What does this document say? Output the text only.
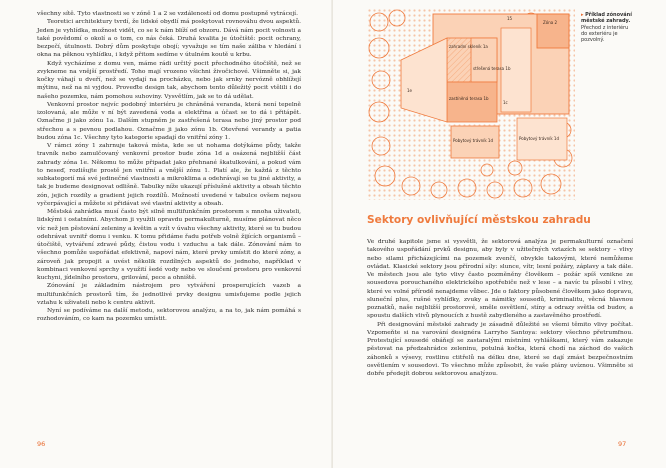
všechny sítě. Tyto vlastnosti se v zóně 1 a 2 se vzdáleností od domu postupně vytrácejí.

Teoretici architektury tvrdí, že lidské obydlí má poskytovat rovnováhu dvou aspektů. Jeden je vyhlídka, možnost vidět, co se k nám blíží od obzoru. Dává nám pocit volnosti a také povědomí o okolí a o tom, co nás čeká. Druhá kvalita je útočiště: pocit ochrany, bezpečí, útulnosti. Dobrý dům poskytuje obojí; vyvažuje se tím naše záliba v hledání i okna na pěknou vyhlídku, i když přitom sedíme v útulném koutě u krbu.

Když vycházíme z domu ven, máme rádi určitý pocit přechodného útočiště, než se zvykneme na vnější prostředí. Toho mají vrozeno všichni živočichové. Všimněte si, jak kočky váhají u dveří, než se vydají na procházku, nebo jak srnky nervózně obhlížejí mýtinu, než na ni vyjdou. Proveďte design tak, abychom tento důležitý pocit vtělili i do našeho pozemku, nám pomohou suhoviny. Vysvětlím, jak se to dá udělat.

Venkovní prostor nejvíc podobný interiéru je chráněná veranda, která není tepelně izolovaná, ale může v ní být zavedená voda a elektřina a účast se to dá i přitápět. Označme ji jako zónu 1a. Dalším stupněm je zastřešená terasa nebo jiný prostor pod střechou a s pevnou podlahou. Označme ji jako zónu 1b. Otevřené verandy a patia budou zóna 1c. Všechny tyto kategorie spadají do vnitřní zóny 1.

V rámci zóny 1 zahrnuje taková místa, kde se ut nohama dotýkáme půdy, takže travník nebo zamulčovaný venkovní prostor bude zóna 1d a osázená nejbližší část zahrady zóna 1e. Někomu to může připadat jako přehnané škatulkování, a pokud vám to neseď, rozlišujte prostě jen vnitřní a vnější zónu 1. Platí ale, že každá z těchto subkategorií má své jedinečné vlastnosti a mikroklima a odehrávají se tu jiné aktivity, a tak je budeme designovat odlišně. Tabulky níže ukazují příslušné aktivity a obsah těchto zón, jejich rozdíly a gradient jejich rozdílů. Možností uvedené v tabulce ovšem nejsou vyčerpávající a můžete si přidávat své vlastní aktivity a obsah.

Městská zahrádka musí často být silně multifunkčním prostorem s mnoha uživateli, lidskými i ostatními. Abychom ji využili opravdu permakulturně, musíme plánovat něco víc než jen pěstování zeleniny a květin a vzít v úvahu všechny aktivity, které se tu budou odehrávat uvnitř domu i venku. K tomu přidáme řadu potřeb volně žijících organismů – útočiště, vytváření zdravé půdy, čistou vodu i vzduchu a tak dále. Zónování nám to všechno pomůže uspořádat efektivně, napoví nám, které prvky umístit do které zóny, a zároveň jak propojit a uvést několik rozdílných aspektů do jednoho, například v kombinaci venkovní sprchy s využití šedé vody nebo ve sloučení prostoru pro venkovní kuchyni, jídelního prostoru, grilování, pece a ohniště.

Zónování je základním nástrojem pro vytváření prosperujících vazeb a multifunkčních prostorů tím, že jednotlivé prvky designu umisťujeme podle jejich vztahu k uživateli nebo k centru aktivit.

Nyní se podíváme na další metodu, sektorovou analýzu, a na to, jak nám pomáhá s rozhodováním, co kam na pozemku umístit.

96
Zóna 2
15
zahradní skleník 1a
střešená terasa 1b
zastíněná terasa 1b
1e
1c
Pobytový trávník 1d	Pobytový trávník 1d
▸ Příklad zónování městské zahrady. Přechod z interiéru do exteriéru je pozvolný.
Sektory ovlivňující městskou zahradu

Ve druhé kapitole jsme si vysvětli, že sektorová analýza je permakulturní označení takového uspořádání prvků designu, aby byly v užitečných vztazích se sektory – vlivy nebo silami přicházejícími na pozemek zvenčí, obvykle takovými, které nemůžeme ovládat. Klasické sektory jsou přírodní síly: slunce, vítr, lesní požáry, záplavy a tak dále. Ve městech jsou ale tyto vlivy často pozměněny člověkem – požár spíš vznikne ze sousedova porouchaného elektrického spotřebiče než v lese – a navíc tu působí i vlivy, které ve volné přírodě nenajdeme vůbec. Jde o faktory působené člověkem jako dopravu, sluneční plus, rušné vyhlídky, zvuky a námitky sousedů, kriminalitu, věcná hlavnou poznatků, naše nejbližší prostorové, směle osvětlení, stíny a odrazy světla od budov, a spoustu dalších vlivů plynoucích z hustě zabydleného a zastavěného prostředí.

Při designování městské zahrady je zásadně důležité se všemi těmito vlivy počítat. Vzpomeňte si na varování designéra Larryho Santoya: sektory všechno přetrumfnou. Protestující sousedé obáňejí se zastaralými místními vyhláškami, který vám zakazuje pěstovat na předzahrádce zeleninu, potulná kočka, která chodí na záchod do vašich záhonků s výsevy, rostlinu ctitřelů na délku dne, které se dají zmást bezpečnostním osvětlením v sousedovi. To všechno může způsobit, že vaše plány uvíznou. Všimněte si dobře předejít dobrou sektorovou analýzou.

97
